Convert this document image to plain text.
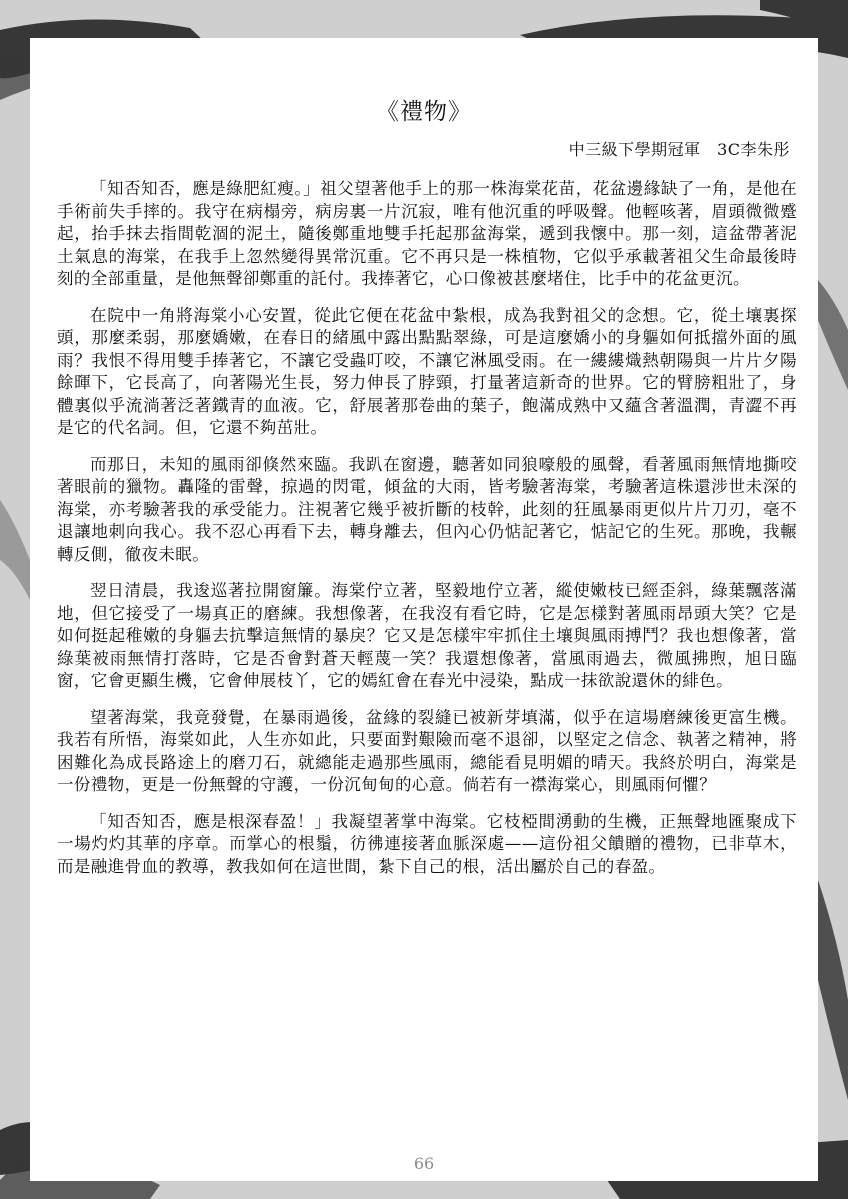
《禮物》
中三級下學期冠軍　3C李朱彤

「知否知否，應是綠肥紅瘦。」祖父望著他手上的那一株海棠花苗，花盆邊緣缺了一角，是他在手術前失手摔的。我守在病榻旁，病房裏一片沉寂，唯有他沉重的呼吸聲。他輕咳著，眉頭微微蹙起，抬手抹去指間乾涸的泥土，隨後鄭重地雙手托起那盆海棠，遞到我懷中。那一刻，這盆帶著泥土氣息的海棠，在我手上忽然變得異常沉重。它不再只是一株植物，它似乎承載著祖父生命最後時刻的全部重量，是他無聲卻鄭重的託付。我捧著它，心口像被甚麼堵住，比手中的花盆更沉。

在院中一角將海棠小心安置，從此它便在花盆中紮根，成為我對祖父的念想。它，從土壤裏探頭，那麼柔弱，那麼嬌嫩，在春日的緒風中露出點點翠綠，可是這麼嬌小的身軀如何抵擋外面的風雨？我恨不得用雙手捧著它，不讓它受蟲叮咬，不讓它淋風受雨。在一縷縷熾熱朝陽與一片片夕陽餘暉下，它長高了，向著陽光生長，努力伸長了脖頸，打量著這新奇的世界。它的臂膀粗壯了，身體裏似乎流淌著泛著鐵青的血液。它，舒展著那卷曲的葉子，飽滿成熟中又蘊含著溫潤，青澀不再是它的代名詞。但，它還不夠茁壯。

而那日，未知的風雨卻倏然來臨。我趴在窗邊，聽著如同狼嚎般的風聲，看著風雨無情地撕咬著眼前的獵物。轟隆的雷聲，掠過的閃電，傾盆的大雨，皆考驗著海棠，考驗著這株還涉世未深的海棠，亦考驗著我的承受能力。注視著它幾乎被折斷的枝幹，此刻的狂風暴雨更似片片刀刃，毫不退讓地刺向我心。我不忍心再看下去，轉身離去，但內心仍惦記著它，惦記它的生死。那晚，我輾轉反側，徹夜未眠。

翌日清晨，我逡巡著拉開窗簾。海棠佇立著，堅毅地佇立著，縱使嫩枝已經歪斜，綠葉飄落滿地，但它接受了一場真正的磨練。我想像著，在我沒有看它時，它是怎樣對著風雨昂頭大笑？它是如何挺起稚嫩的身軀去抗擊這無情的暴戾？它又是怎樣牢牢抓住土壤與風雨搏鬥？我也想像著，當綠葉被雨無情打落時，它是否會對蒼天輕蔑一笑？我還想像著，當風雨過去，微風拂煦，旭日臨窗，它會更顯生機，它會伸展枝丫，它的嫣紅會在春光中浸染，點成一抹欲說還休的緋色。

望著海棠，我竟發覺，在暴雨過後，盆緣的裂縫已被新芽填滿，似乎在這場磨練後更富生機。我若有所悟，海棠如此，人生亦如此，只要面對艱險而毫不退卻，以堅定之信念、執著之精神，將困難化為成長路途上的磨刀石，就總能走過那些風雨，總能看見明媚的晴天。我終於明白，海棠是一份禮物，更是一份無聲的守護，一份沉甸甸的心意。倘若有一襟海棠心，則風雨何懼？

「知否知否，應是根深春盈！」我凝望著掌中海棠。它枝椏間湧動的生機，正無聲地匯聚成下一場灼灼其華的序章。而掌心的根鬚，彷彿連接著血脈深處——這份祖父饋贈的禮物，已非草木，而是融進骨血的教導，教我如何在這世間，紮下自己的根，活出屬於自己的春盈。

66
